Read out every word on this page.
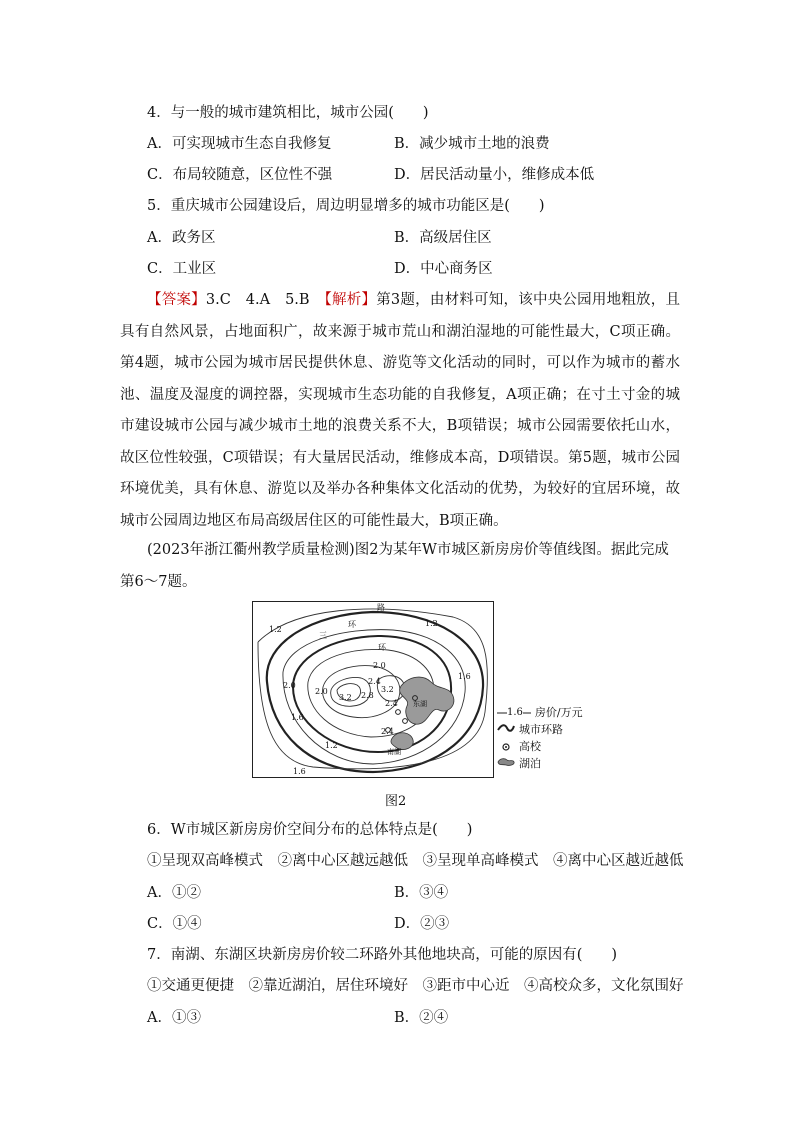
4．与一般的城市建筑相比，城市公园(　　)
A．可实现城市生态自我修复	B．减少城市土地的浪费
C．布局较随意，区位性不强	D．居民活动量小，维修成本低
5．重庆城市公园建设后，周边明显增多的城市功能区是(　　)
A．政务区	B．高级居住区
C．工业区	D．中心商务区
【答案】3.C　4.A　5.B　【解析】第3题，由材料可知，该中央公园用地粗放，且具有自然风景，占地面积广，故来源于城市荒山和湖泊湿地的可能性最大，C项正确。第4题，城市公园为城市居民提供休息、游览等文化活动的同时，可以作为城市的蓄水池、温度及湿度的调控器，实现城市生态功能的自我修复，A项正确；在寸土寸金的城市建设城市公园与减少城市土地的浪费关系不大，B项错误；城市公园需要依托山水，故区位性较强，C项错误；有大量居民活动，维修成本高，D项错误。第5题，城市公园环境优美，具有休息、游览以及举办各种集体文化活动的优势，为较好的宜居环境，故城市公园周边地区布局高级居住区的可能性最大，B项正确。
(2023年浙江衢州教学质量检测)图2为某年W市城区新房房价等值线图。据此完成第6～7题。
1.2
1.2
1.6
1.6
1.6
1.2
2.0
2.0
2.4
2.4
2.8
3.2
3.2
2.0
2.4
路
环
三
环
东湖
南湖
1.6 房价/万元
城市环路
高校
湖泊
图2
6．W市城区新房房价空间分布的总体特点是(　　)
①呈现双高峰模式　②离中心区越远越低　③呈现单高峰模式　④离中心区越近越低
A．①②	B．③④
C．①④	D．②③
7．南湖、东湖区块新房房价较二环路外其他地块高，可能的原因有(　　)
①交通更便捷　②靠近湖泊，居住环境好　③距市中心近　④高校众多，文化氛围好
A．①③	B．②④
